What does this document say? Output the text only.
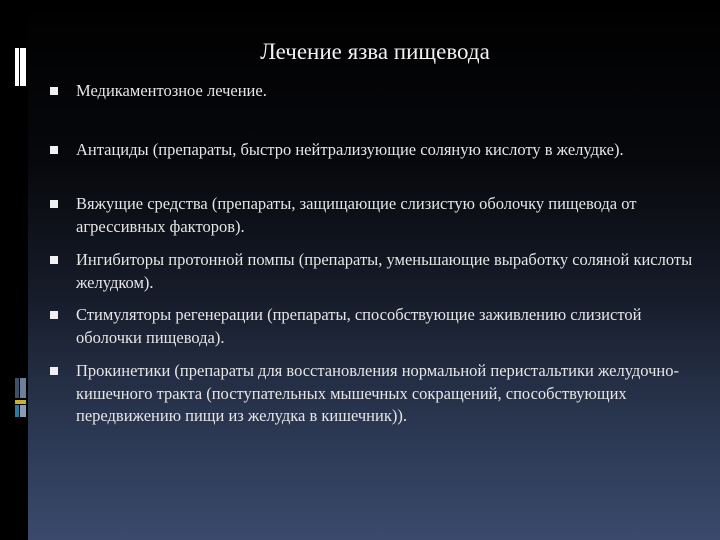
Лечение язва пищевода
Медикаментозное лечение.
Антациды (препараты, быстро нейтрализующие соляную кислоту в желудке).
Вяжущие средства (препараты, защищающие слизистую оболочку пищевода от агрессивных факторов).
Ингибиторы протонной помпы (препараты, уменьшающие выработку соляной кислоты желудком).
Стимуляторы регенерации (препараты, способствующие заживлению слизистой оболочки пищевода).
Прокинетики (препараты для восстановления нормальной перистальтики желудочно-кишечного тракта (поступательных мышечных сокращений, способствующих передвижению пищи из желудка в кишечник)).
